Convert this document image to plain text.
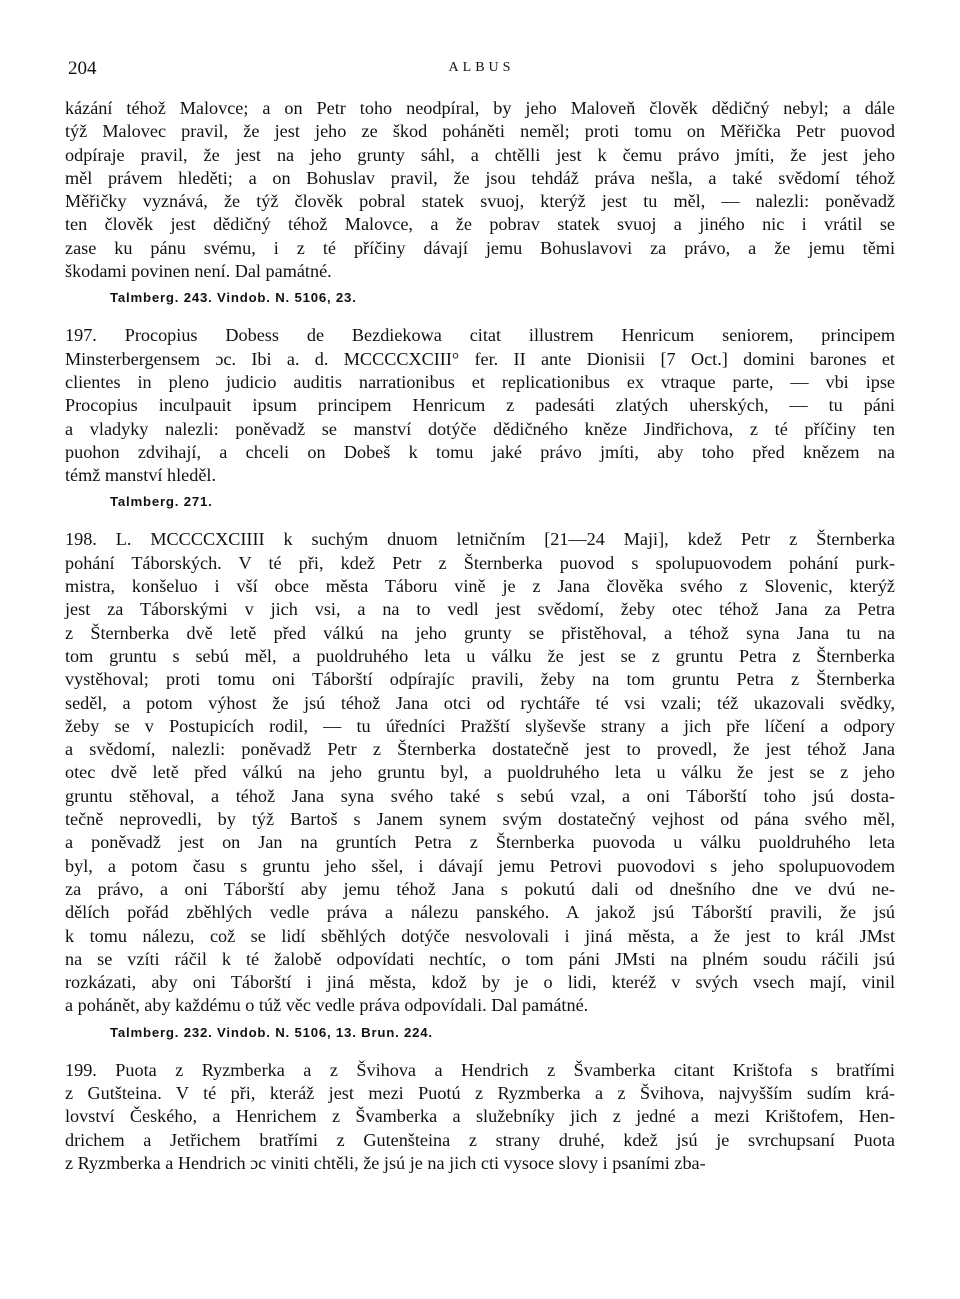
204	ALBUS

kázání téhož Malovce; a on Petr toho neodpíral, by jeho Maloveň člověk dědičný nebyl; a dále

týž Malovec pravil, že jest jeho ze škod poháněti neměl; proti tomu on Měřička Petr puovod

odpíraje pravil, že jest na jeho grunty sáhl, a chtělli jest k čemu právo jmíti, že jest jeho

měl právem hleděti; a on Bohuslav pravil, že jsou tehdáž práva nešla, a také svědomí téhož

Měřičky vyznává, že týž člověk pobral statek svuoj, kterýž jest tu měl, — nalezli: poněvadž

ten člověk jest dědičný téhož Malovce, a že pobrav statek svuoj a jiného nic i vrátil se

zase ku pánu svému, i z té příčiny dávají jemu Bohuslavovi za právo, a že jemu těmi

škodami povinen není. Dal památné.

Talmberg. 243. Vindob. N. 5106, 23.

197. Procopius Dobess de Bezdiekowa citat illustrem Henricum seniorem, principem

Minsterbergensem ɔc. Ibi a. d. MCCCCXCIII° fer. II ante Dionisii [7 Oct.] domini barones et

clientes in pleno judicio auditis narrationibus et replicationibus ex vtraque parte, — vbi ipse

Procopius inculpauit ipsum principem Henricum z padesáti zlatých uherských, — tu páni

a vladyky nalezli: poněvadž se manství dotýče dědičného kněze Jindřichova, z té příčiny ten

puohon zdvihají, a chceli on Dobeš k tomu jaké právo jmíti, aby toho před knězem na

témž manství hleděl.

Talmberg. 271.

198. L. MCCCCXCIIII k suchým dnuom letničním [21—24 Maji], kdež Petr z Šternberka

pohání Táborských. V té při, kdež Petr z Šternberka puovod s spolupuovodem pohání purk-

mistra, konšeluo i vší obce města Táboru vině je z Jana člověka svého z Slovenic, kterýž

jest za Táborskými v jich vsi, a na to vedl jest svědomí, žeby otec téhož Jana za Petra

z Šternberka dvě letě před válkú na jeho grunty se přistěhoval, a téhož syna Jana tu na

tom gruntu s sebú měl, a puoldruhého leta u válku že jest se z gruntu Petra z Šternberka

vystěhoval; proti tomu oni Táborští odpírajíc pravili, žeby na tom gruntu Petra z Šternberka

seděl, a potom výhost že jsú téhož Jana otci od rychtáře té vsi vzali; též ukazovali svědky,

žeby se v Postupicích rodil, — tu úředníci Pražští slyševše strany a jich pře líčení a odpory

a svědomí, nalezli: poněvadž Petr z Šternberka dostatečně jest to provedl, že jest téhož Jana

otec dvě letě před válkú na jeho gruntu byl, a puoldruhého leta u válku že jest se z jeho

gruntu stěhoval, a téhož Jana syna svého také s sebú vzal, a oni Táborští toho jsú dosta-

tečně neprovedli, by týž Bartoš s Janem synem svým dostatečný vejhost od pána svého měl,

a poněvadž jest on Jan na gruntích Petra z Šternberka puovoda u válku puoldruhého leta

byl, a potom času s gruntu jeho sšel, i dávají jemu Petrovi puovodovi s jeho spolupuovodem

za právo, a oni Táborští aby jemu téhož Jana s pokutú dali od dnešního dne ve dvú ne-

dělích pořád zběhlých vedle práva a nálezu panského. A jakož jsú Táborští pravili, že jsú

k tomu nálezu, což se lidí sběhlých dotýče nesvolovali i jiná města, a že jest to král JMst

na se vzíti ráčil k té žalobě odpovídati nechtíc, o tom páni JMsti na plném soudu ráčili jsú

rozkázati, aby oni Táborští i jiná města, kdož by je o lidi, kteréž v svých vsech mají, vinil

a pohánět, aby každému o túž věc vedle práva odpovídali. Dal památné.

Talmberg. 232. Vindob. N. 5106, 13. Brun. 224.

199. Puota z Ryzmberka a z Švihova a Hendrich z Švamberka citant Krištofa s bratřími

z Gutšteina. V té při, kteráž jest mezi Puotú z Ryzmberka a z Švihova, najvyšším sudím krá-

lovství Českého, a Henrichem z Švamberka a služebníky jich z jedné a mezi Krištofem, Hen-

drichem a Jetřichem bratřími z Gutenšteina z strany druhé, kdež jsú je svrchupsaní Puota

z Ryzmberka a Hendrich ɔc viniti chtěli, že jsú je na jich cti vysoce slovy i psaními zba-
